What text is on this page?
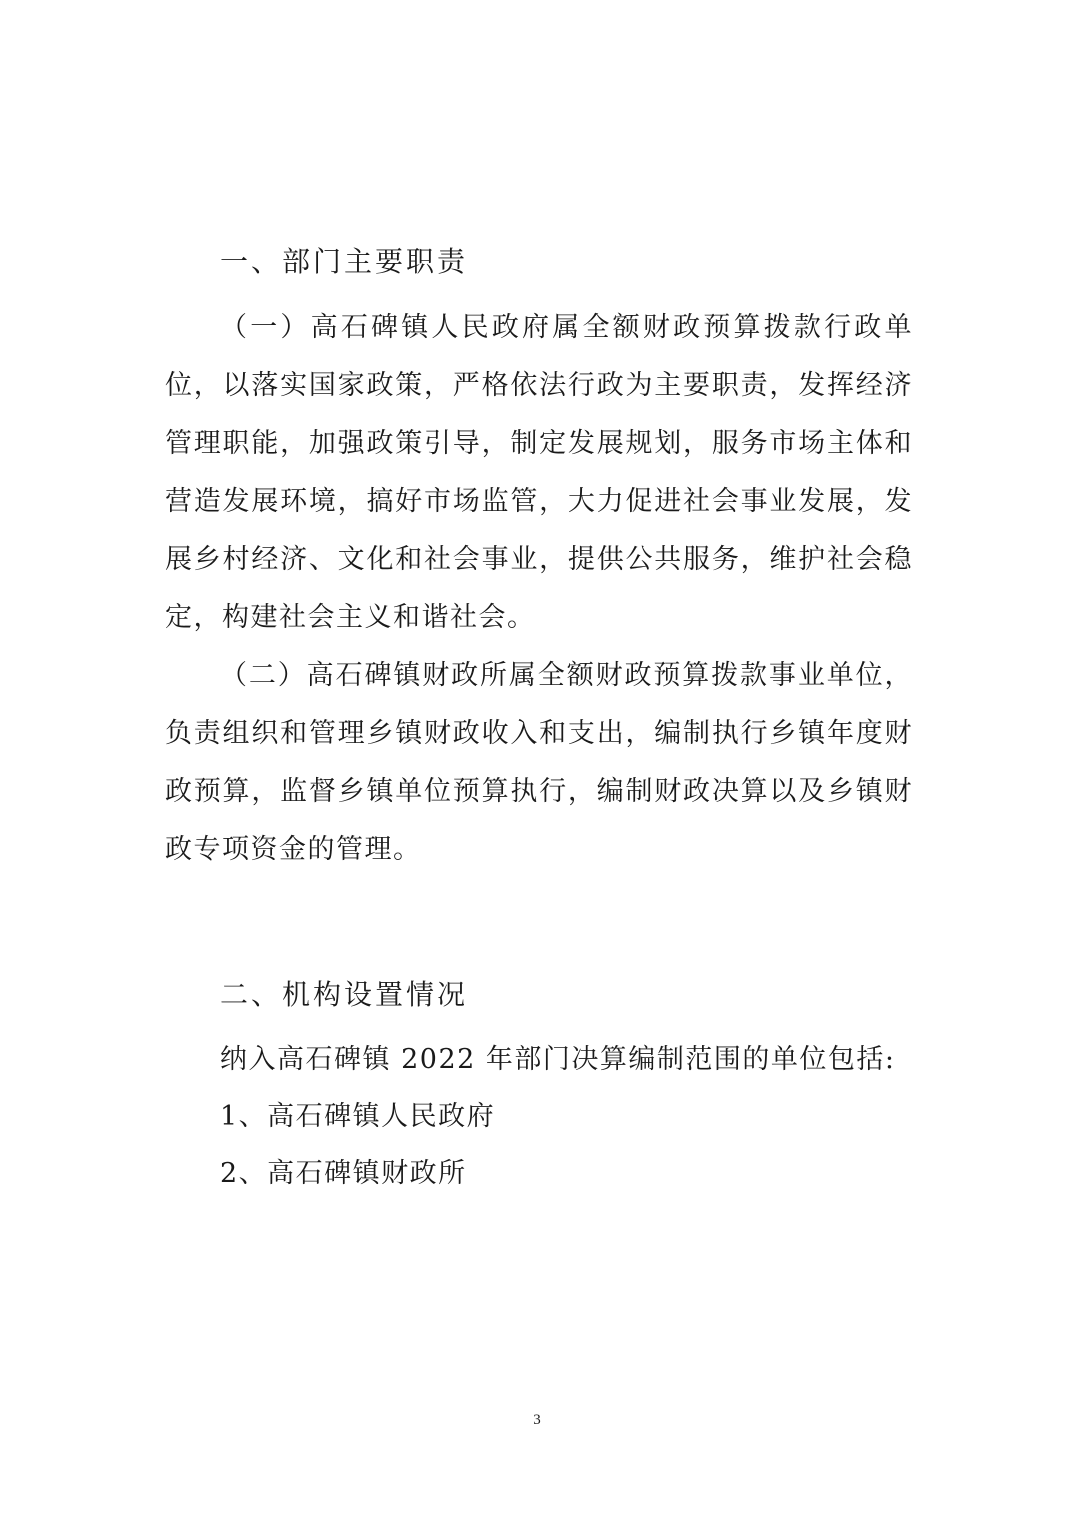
一、部门主要职责

（一）高石碑镇人民政府属全额财政预算拨款行政单位，以落实国家政策，严格依法行政为主要职责，发挥经济管理职能，加强政策引导，制定发展规划，服务市场主体和营造发展环境，搞好市场监管，大力促进社会事业发展，发展乡村经济、文化和社会事业，提供公共服务，维护社会稳定，构建社会主义和谐社会。

（二）高石碑镇财政所属全额财政预算拨款事业单位，负责组织和管理乡镇财政收入和支出，编制执行乡镇年度财政预算，监督乡镇单位预算执行，编制财政决算以及乡镇财政专项资金的管理。

二、机构设置情况
纳入高石碑镇 2022 年部门决算编制范围的单位包括:
1、高石碑镇人民政府
2、高石碑镇财政所
3
